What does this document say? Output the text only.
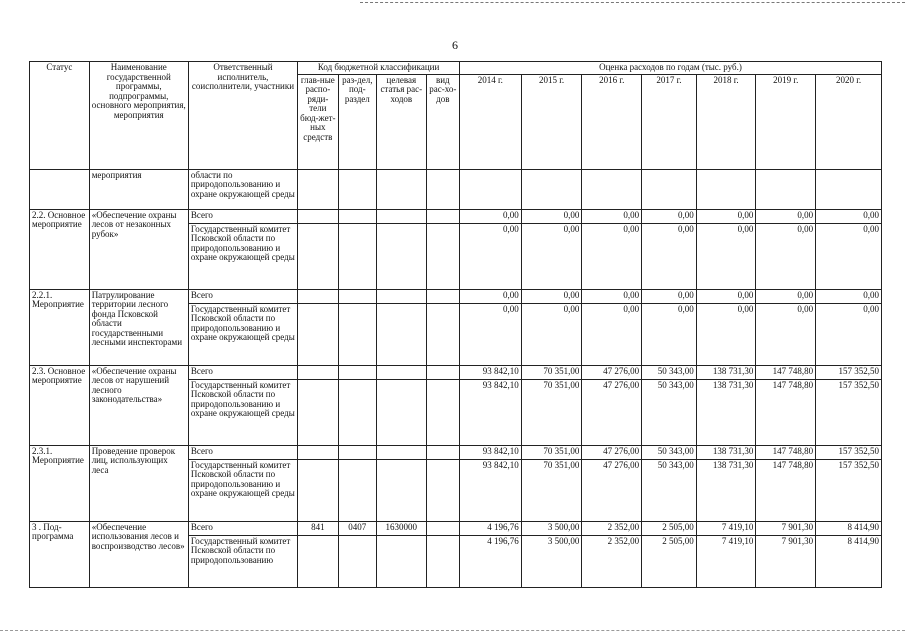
6
Статус	Наименование государственной программы, подпрограммы, основного мероприятия, мероприятия	Ответственный исполнитель, соисполнители, участники	Код бюджетной классификации				Оценка расходов по годам (тыс. руб.)						
			глав-ные распо-ряди-тели бюд-жет-ных средств	раз-дел, под-раздел	целевая статья рас-ходов	вид рас-хо-дов	2014 г.	2015 г.	2016 г.	2017 г.	2018 г.	2019 г.	2020 г.
	мероприятия	области по природопользованию и охране окружающей среды											
2.2. Основное мероприятие	«Обеспечение охраны лесов от незаконных рубок»	Всего					0,00	0,00	0,00	0,00	0,00	0,00	0,00
		Государственный комитет Псковской области по природопользованию и охране окружающей среды					0,00	0,00	0,00	0,00	0,00	0,00	0,00
2.2.1. Мероприятие	Патрулирование территории лесного фонда Псковской области государственными лесными инспекторами	Всего					0,00	0,00	0,00	0,00	0,00	0,00	0,00
		Государственный комитет Псковской области по природопользованию и охране окружающей среды					0,00	0,00	0,00	0,00	0,00	0,00	0,00
2.3. Основное мероприятие	«Обеспечение охраны лесов от нарушений лесного законодательства»	Всего					93 842,10	70 351,00	47 276,00	50 343,00	138 731,30	147 748,80	157 352,50
		Государственный комитет Псковской области по природопользованию и охране окружающей среды					93 842,10	70 351,00	47 276,00	50 343,00	138 731,30	147 748,80	157 352,50
2.3.1. Мероприятие	Проведение проверок лиц, использующих леса	Всего					93 842,10	70 351,00	47 276,00	50 343,00	138 731,30	147 748,80	157 352,50
		Государственный комитет Псковской области по природопользованию и охране окружающей среды					93 842,10	70 351,00	47 276,00	50 343,00	138 731,30	147 748,80	157 352,50
3 . Под-программа	«Обеспечение использования лесов и воспроизводство лесов»	Всего	841	0407	1630000		4 196,76	3 500,00	2 352,00	2 505,00	7 419,10	7 901,30	8 414,90
		Государственный комитет Псковской области по природопользованию					4 196,76	3 500,00	2 352,00	2 505,00	7 419,10	7 901,30	8 414,90
